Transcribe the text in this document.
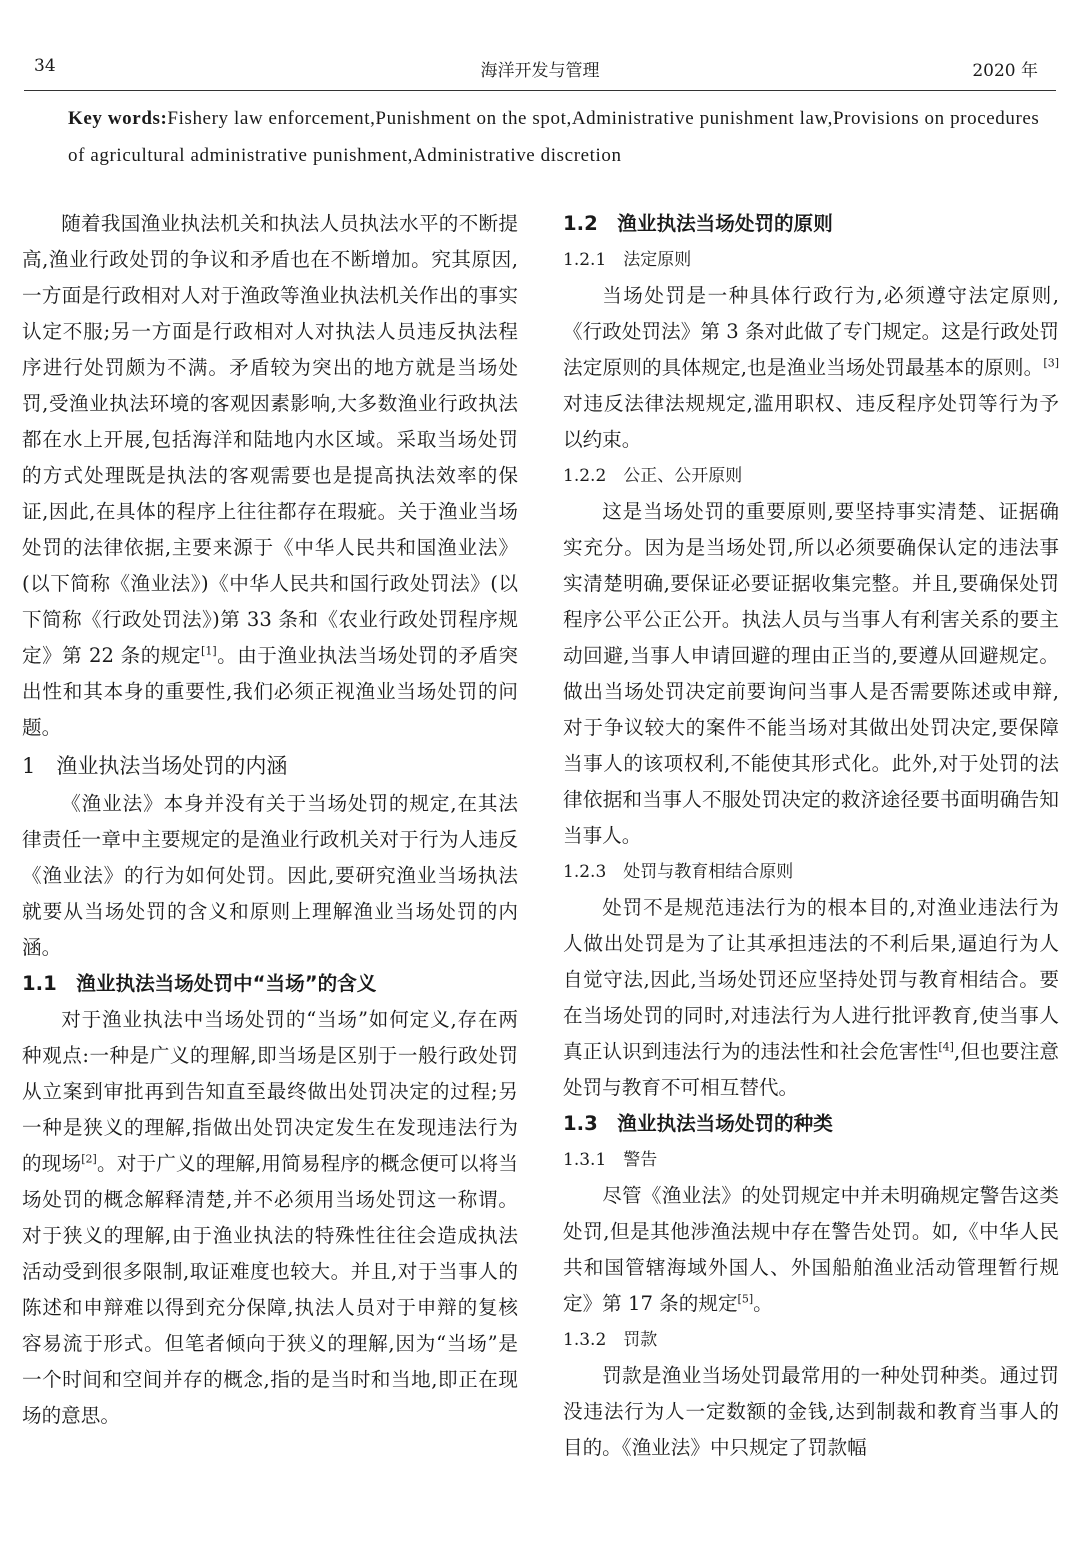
34	海洋开发与管理	2020 年
Key words:Fishery law enforcement,Punishment on the spot,Administrative punishment law,Provisions on procedures of agricultural administrative punishment,Administrative discretion

随着我国渔业执法机关和执法人员执法水平的不断提高,渔业行政处罚的争议和矛盾也在不断增加。究其原因,一方面是行政相对人对于渔政等渔业执法机关作出的事实认定不服;另一方面是行政相对人对执法人员违反执法程序进行处罚颇为不满。矛盾较为突出的地方就是当场处罚,受渔业执法环境的客观因素影响,大多数渔业行政执法都在水上开展,包括海洋和陆地内水区域。采取当场处罚的方式处理既是执法的客观需要也是提高执法效率的保证,因此,在具体的程序上往往都存在瑕疵。关于渔业当场处罚的法律依据,主要来源于《中华人民共和国渔业法》(以下简称《渔业法》)《中华人民共和国行政处罚法》(以下简称《行政处罚法》)第 33 条和《农业行政处罚程序规定》第 22 条的规定[1]。由于渔业执法当场处罚的矛盾突出性和其本身的重要性,我们必须正视渔业当场处罚的问题。

1　渔业执法当场处罚的内涵

《渔业法》本身并没有关于当场处罚的规定,在其法律责任一章中主要规定的是渔业行政机关对于行为人违反《渔业法》的行为如何处罚。因此,要研究渔业当场执法就要从当场处罚的含义和原则上理解渔业当场处罚的内涵。

1.1　渔业执法当场处罚中“当场”的含义

对于渔业执法中当场处罚的“当场”如何定义,存在两种观点:一种是广义的理解,即当场是区别于一般行政处罚从立案到审批再到告知直至最终做出处罚决定的过程;另一种是狭义的理解,指做出处罚决定发生在发现违法行为的现场[2]。对于广义的理解,用简易程序的概念便可以将当场处罚的概念解释清楚,并不必须用当场处罚这一称谓。对于狭义的理解,由于渔业执法的特殊性往往会造成执法活动受到很多限制,取证难度也较大。并且,对于当事人的陈述和申辩难以得到充分保障,执法人员对于申辩的复核容易流于形式。但笔者倾向于狭义的理解,因为“当场”是一个时间和空间并存的概念,指的是当时和当地,即正在现场的意思。

1.2　渔业执法当场处罚的原则
1.2.1　法定原则

当场处罚是一种具体行政行为,必须遵守法定原则,《行政处罚法》第 3 条对此做了专门规定。这是行政处罚法定原则的具体规定,也是渔业当场处罚最基本的原则。[3]对违反法律法规规定,滥用职权、违反程序处罚等行为予以约束。

1.2.2　公正、公开原则

这是当场处罚的重要原则,要坚持事实清楚、证据确实充分。因为是当场处罚,所以必须要确保认定的违法事实清楚明确,要保证必要证据收集完整。并且,要确保处罚程序公平公正公开。执法人员与当事人有利害关系的要主动回避,当事人申请回避的理由正当的,要遵从回避规定。做出当场处罚决定前要询问当事人是否需要陈述或申辩,对于争议较大的案件不能当场对其做出处罚决定,要保障当事人的该项权利,不能使其形式化。此外,对于处罚的法律依据和当事人不服处罚决定的救济途径要书面明确告知当事人。

1.2.3　处罚与教育相结合原则

处罚不是规范违法行为的根本目的,对渔业违法行为人做出处罚是为了让其承担违法的不利后果,逼迫行为人自觉守法,因此,当场处罚还应坚持处罚与教育相结合。要在当场处罚的同时,对违法行为人进行批评教育,使当事人真正认识到违法行为的违法性和社会危害性[4],但也要注意处罚与教育不可相互替代。

1.3　渔业执法当场处罚的种类
1.3.1　警告

尽管《渔业法》的处罚规定中并未明确规定警告这类处罚,但是其他涉渔法规中存在警告处罚。如,《中华人民共和国管辖海域外国人、外国船舶渔业活动管理暂行规定》第 17 条的规定[5]。

1.3.2　罚款

罚款是渔业当场处罚最常用的一种处罚种类。通过罚没违法行为人一定数额的金钱,达到制裁和教育当事人的目的。《渔业法》中只规定了罚款幅
